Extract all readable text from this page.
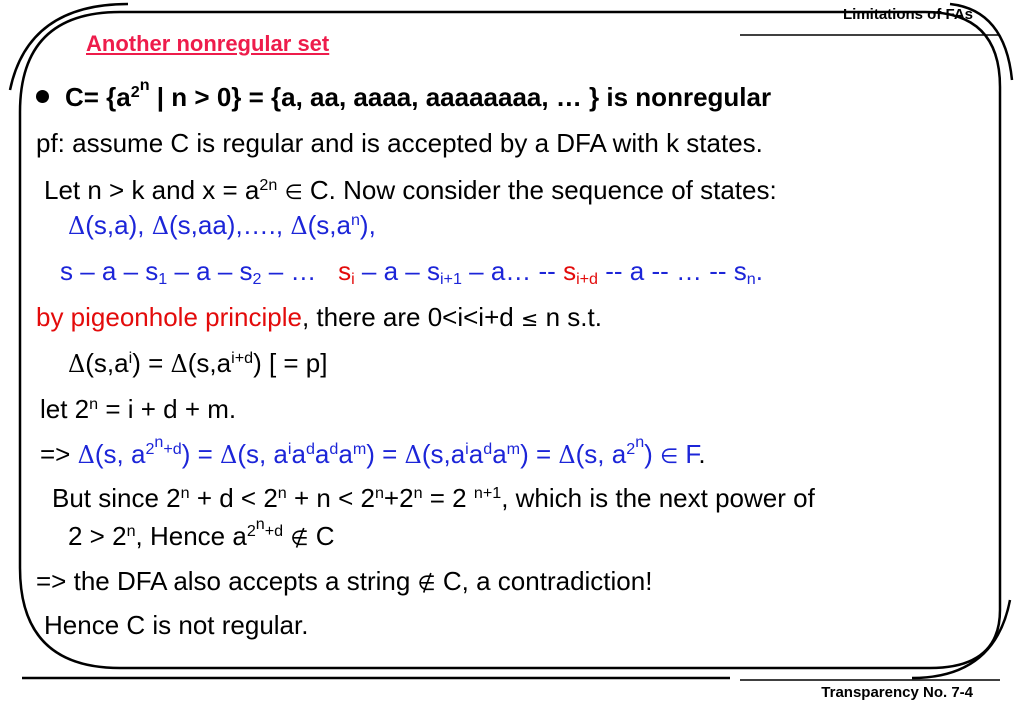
Limitations of FAs
Transparency No. 7-4
Another nonregular set
$C= \{a^{2n}$ | n > 0} = {a, aa, aaaa, aaaaaaaa, … } is nonregular
pf: assume C is regular and is accepted by a DFA with k states.
Let n > k and $x = a^{2n}$ ∈ C. Now consider the sequence of states:
Δ(s,a), Δ(s,aa),…., $\Delta(s,a^n)$,
s – a – $s_1$ – a – $s_2$ – …   $s_i$ – a – $s_{i+1}$ – a… -- $s_{i+d}$ -- a -- … -- $s_n$.
by pigeonhole principle, there are 0<i<i+d ≤ n s.t.
$\Delta(s,a^i) = \Delta(s,a^{i+d})$ [ = p]
let $2^n = i + d + m$.
=> Δ(s, $a^{2n+d}) = \Delta(s$, $a^ia^da^da^m) = \Delta(s,a^ia^da^m) = \Delta(s$, $a^{2n}$) ∈ F.
But since $2^n + d < 2^n + n < 2^n+2^n = 2$ $^{n+1}$, which is the next power of
$2 > 2^n$, Hence $a^{2n+d}$ ∉ C
=> the DFA also accepts a string ∉ C, a contradiction!
Hence C is not regular.
